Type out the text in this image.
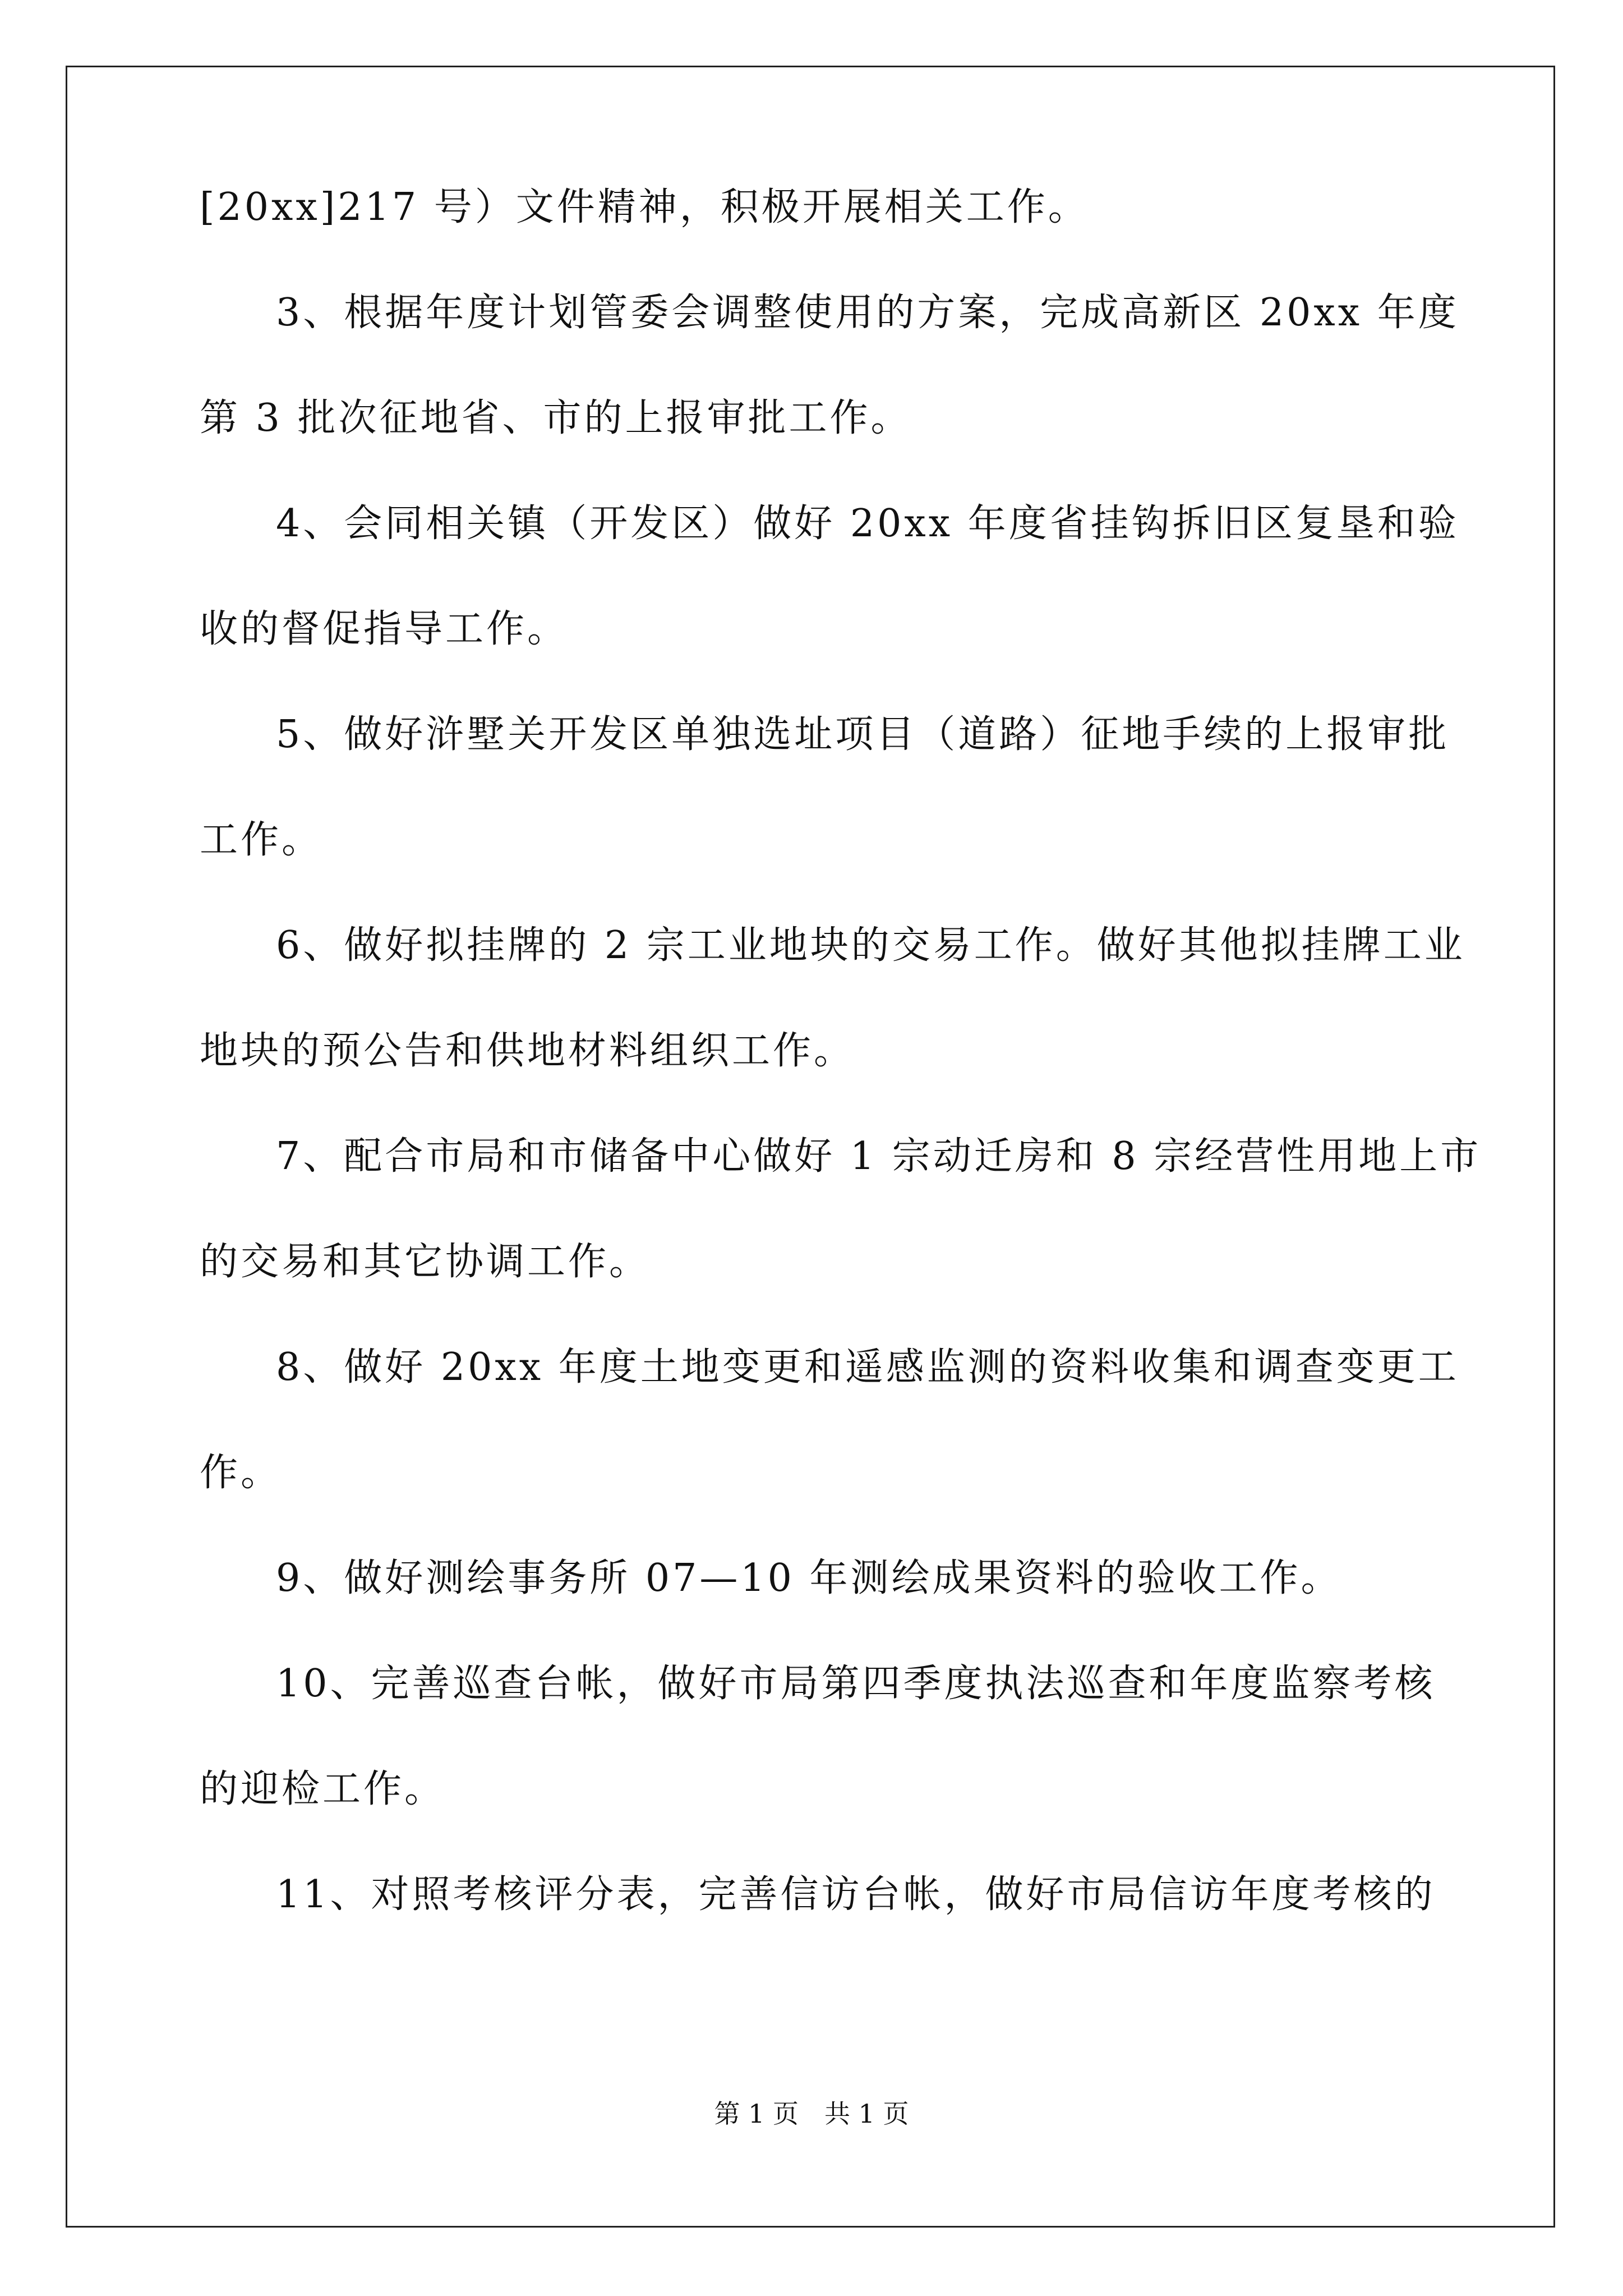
[20xx]217 号）文件精神，积极开展相关工作。
3、根据年度计划管委会调整使用的方案，完成高新区 20xx 年度
第 3 批次征地省、市的上报审批工作。
4、会同相关镇（开发区）做好 20xx 年度省挂钩拆旧区复垦和验
收的督促指导工作。
5、做好浒墅关开发区单独选址项目（道路）征地手续的上报审批
工作。
6、做好拟挂牌的 2 宗工业地块的交易工作。做好其他拟挂牌工业
地块的预公告和供地材料组织工作。
7、配合市局和市储备中心做好 1 宗动迁房和 8 宗经营性用地上市
的交易和其它协调工作。
8、做好 20xx 年度土地变更和遥感监测的资料收集和调查变更工
作。
9、做好测绘事务所 07—10 年测绘成果资料的验收工作。
10、完善巡查台帐，做好市局第四季度执法巡查和年度监察考核
的迎检工作。
11、对照考核评分表，完善信访台帐，做好市局信访年度考核的
第 1 页　共 1 页
